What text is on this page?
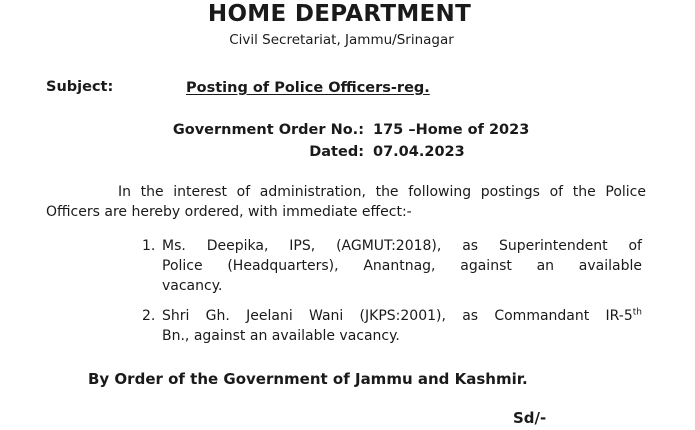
HOME DEPARTMENT
Civil Secretariat, Jammu/Srinagar
Subject:	Posting of Police Officers-reg.
Government Order No.: 175 –Home of 2023
Dated: 07.04.2023
In the interest of administration, the following postings of the Police
Officers are hereby ordered, with immediate effect:-
1. Ms. Deepika, IPS, (AGMUT:2018), as Superintendent of
Police (Headquarters), Anantnag, against an available
vacancy.
2. Shri Gh. Jeelani Wani (JKPS:2001), as Commandant IR-5th
Bn., against an available vacancy.
By Order of the Government of Jammu and Kashmir.
Sd/-
